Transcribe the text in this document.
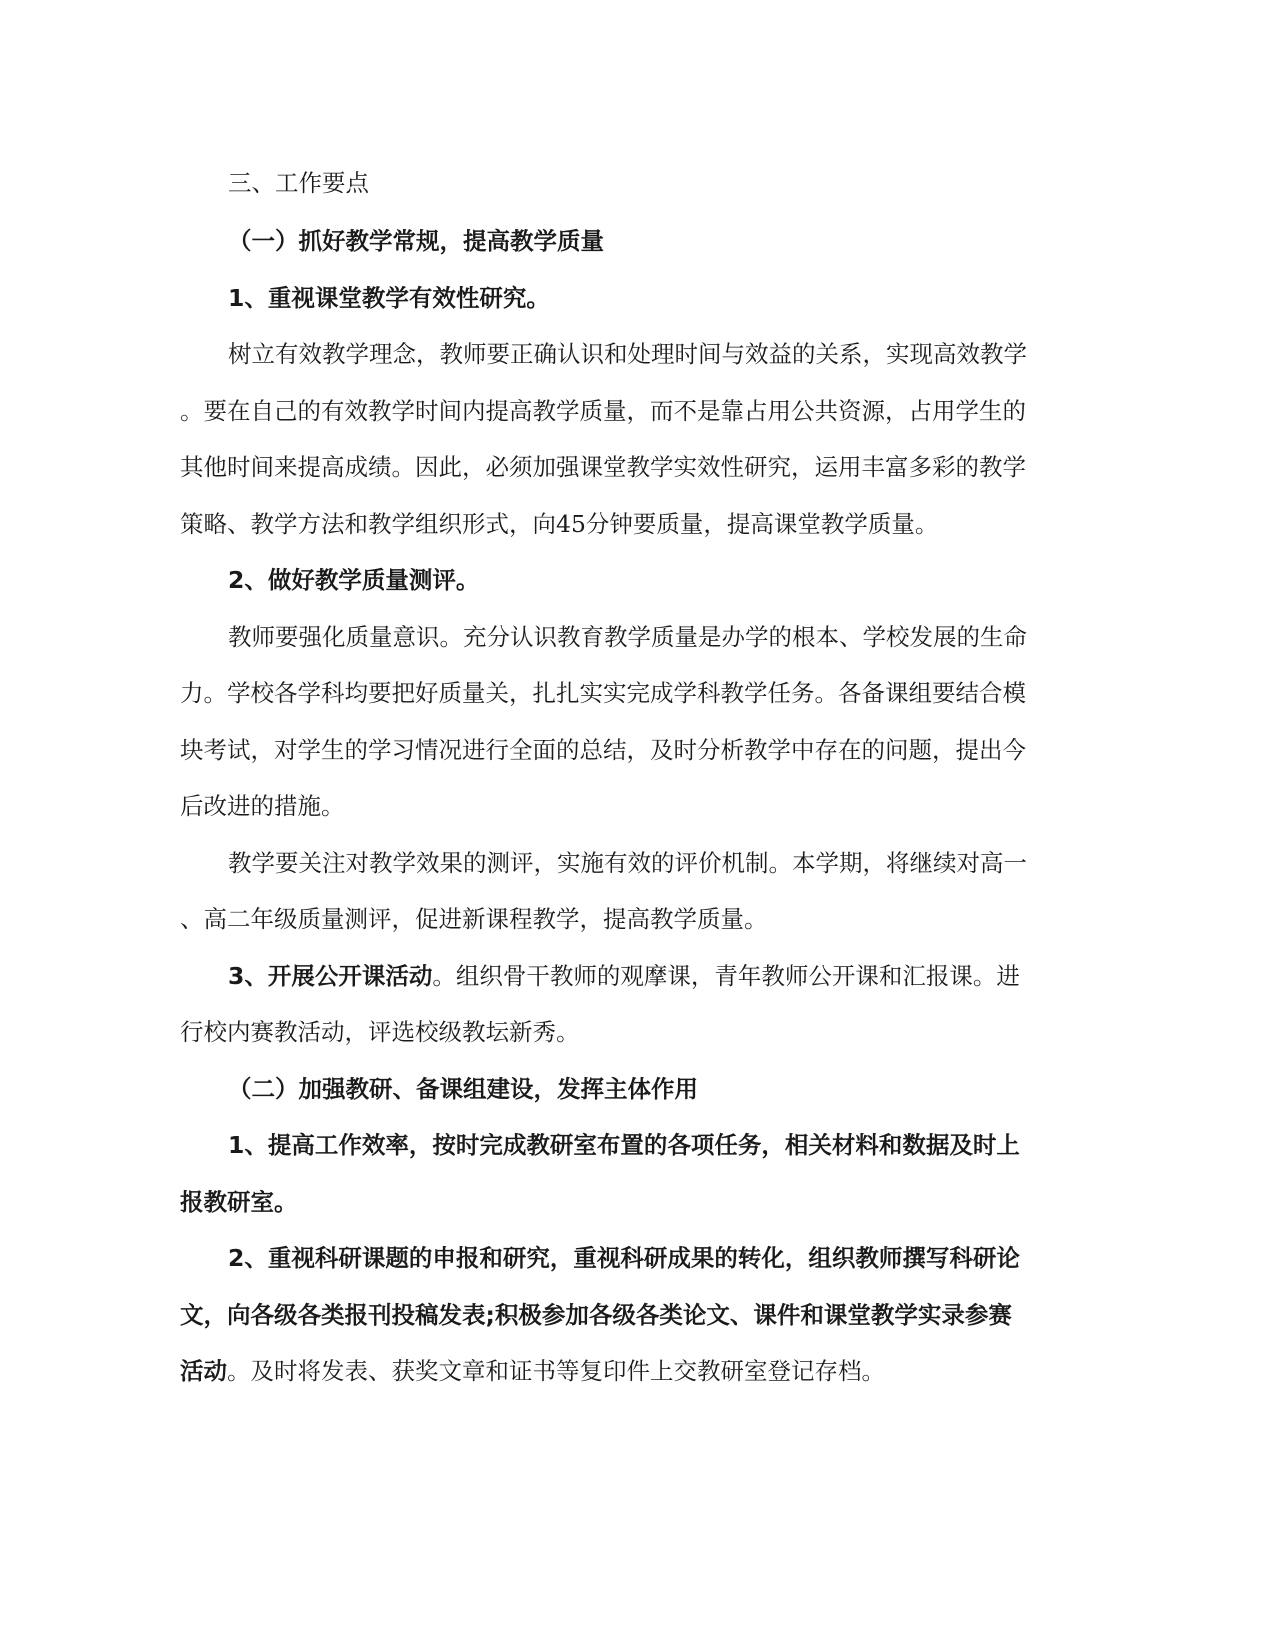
三、工作要点
（一）抓好教学常规，提高教学质量
1、重视课堂教学有效性研究。
树立有效教学理念，教师要正确认识和处理时间与效益的关系，实现高效教学
。要在自己的有效教学时间内提高教学质量，而不是靠占用公共资源，占用学生的
其他时间来提高成绩。因此，必须加强课堂教学实效性研究，运用丰富多彩的教学
策略、教学方法和教学组织形式，向45分钟要质量，提高课堂教学质量。
2、做好教学质量测评。
教师要强化质量意识。充分认识教育教学质量是办学的根本、学校发展的生命
力。学校各学科均要把好质量关，扎扎实实完成学科教学任务。各备课组要结合模
块考试，对学生的学习情况进行全面的总结，及时分析教学中存在的问题，提出今
后改进的措施。
教学要关注对教学效果的测评，实施有效的评价机制。本学期，将继续对高一
、高二年级质量测评，促进新课程教学，提高教学质量。
3、开展公开课活动。组织骨干教师的观摩课，青年教师公开课和汇报课。进
行校内赛教活动，评选校级教坛新秀。
（二）加强教研、备课组建设，发挥主体作用
1、提高工作效率，按时完成教研室布置的各项任务，相关材料和数据及时上
报教研室。
2、重视科研课题的申报和研究，重视科研成果的转化，组织教师撰写科研论
文，向各级各类报刊投稿发表;积极参加各级各类论文、课件和课堂教学实录参赛
活动。及时将发表、获奖文章和证书等复印件上交教研室登记存档。
